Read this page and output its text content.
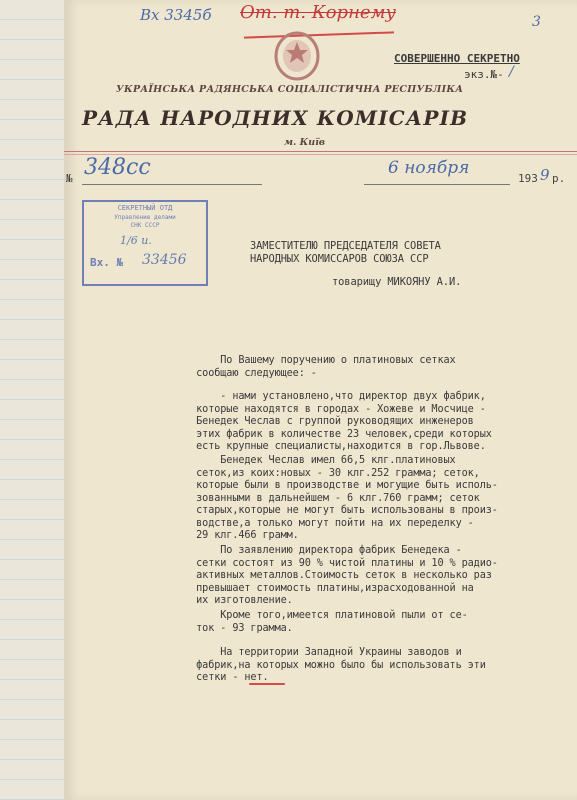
Вх 3345б От. т. Корнему	3
СОВЕРШЕННО СЕКРЕТНО
экз.№- /
УКРАЇНСЬКА РАДЯНСЬКА СОЦІАЛІСТИЧНА РЕСПУБЛІКА
РАДА НАРОДНИХ КОМІСАРІВ
м. Київ
№ 348сс	6 ноября
193 9 р.
СЕКРЕТНЫЙ ОТД
Управление делами
СНК СССР
1/6 и.
Вх. № 33456
ЗАМЕСТИТЕЛЮ ПРЕДСЕДАТЕЛЯ СОВЕТА
НАРОДНЫХ КОМИССАРОВ СОЮЗА ССР
товарищу МИКОЯНУ А.И.
По Вашему поручению о платиновых сетках
сообщаю следующее: -
- нами установлено,что директор двух фабрик,
которые находятся в городах - Хожеве и Мосчице -
Бенедек Чеслав с группой руководящих инженеров
этих фабрик в количестве 23 человек,среди которых
есть крупные специалисты,находится в гор.Львове.
Бенедек Чеслав имел 66,5 клг.платиновых
сеток,из коих:новых - 30 клг.252 грамма; сеток,
которые были в производстве и могущие быть исполь-
зованными в дальнейшем - 6 клг.760 грамм; сеток
старых,которые не могут быть использованы в произ-
водстве,а только могут пойти на их переделку -
29 клг.466 грамм.
По заявлению директора фабрик Бенедека -
сетки состоят из 90 % чистой платины и 10 % радио-
активных металлов.Стоимость сеток в несколько раз
превышает стоимость платины,израсходованной на
их изготовление.
Кроме того,имеется платиновой пыли от се-
ток - 93 грамма.
На территории Западной Украины заводов и
фабрик,на которых можно было бы использовать эти
сетки - нет.
